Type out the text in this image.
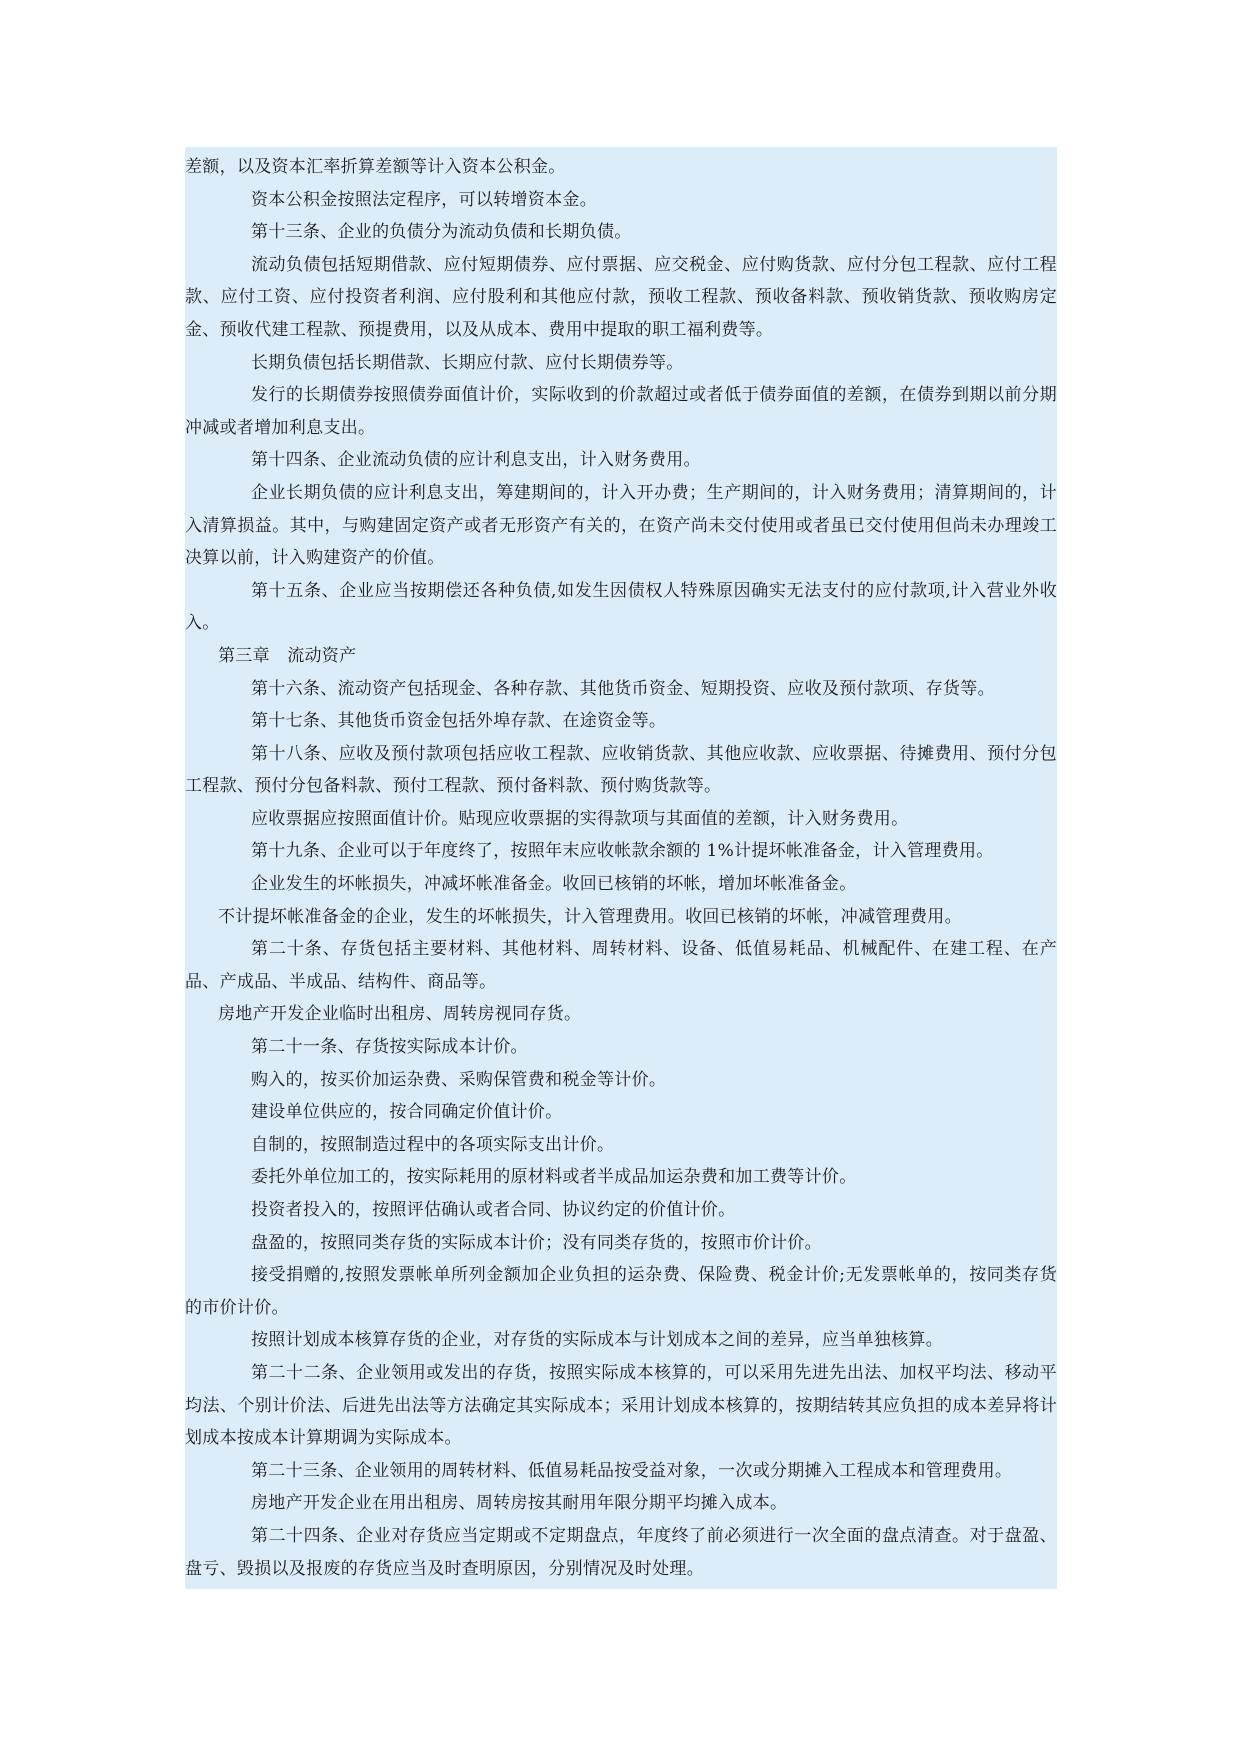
差额，以及资本汇率折算差额等计入资本公积金。

资本公积金按照法定程序，可以转增资本金。

第十三条、企业的负债分为流动负债和长期负债。

流动负债包括短期借款、应付短期债券、应付票据、应交税金、应付购货款、应付分包工程款、应付工程款、应付工资、应付投资者利润、应付股利和其他应付款，预收工程款、预收备料款、预收销货款、预收购房定金、预收代建工程款、预提费用，以及从成本、费用中提取的职工福利费等。

长期负债包括长期借款、长期应付款、应付长期债券等。

发行的长期债券按照债券面值计价，实际收到的价款超过或者低于债券面值的差额，在债券到期以前分期冲减或者增加利息支出。

第十四条、企业流动负债的应计利息支出，计入财务费用。

企业长期负债的应计利息支出，筹建期间的，计入开办费；生产期间的，计入财务费用；清算期间的，计入清算损益。其中，与购建固定资产或者无形资产有关的，在资产尚未交付使用或者虽已交付使用但尚未办理竣工决算以前，计入购建资产的价值。

第十五条、企业应当按期偿还各种负债,如发生因债权人特殊原因确实无法支付的应付款项,计入营业外收入。

第三章　流动资产

第十六条、流动资产包括现金、各种存款、其他货币资金、短期投资、应收及预付款项、存货等。

第十七条、其他货币资金包括外埠存款、在途资金等。

第十八条、应收及预付款项包括应收工程款、应收销货款、其他应收款、应收票据、待摊费用、预付分包工程款、预付分包备料款、预付工程款、预付备料款、预付购货款等。

应收票据应按照面值计价。贴现应收票据的实得款项与其面值的差额，计入财务费用。

第十九条、企业可以于年度终了，按照年末应收帐款余额的 1%计提坏帐准备金，计入管理费用。

企业发生的坏帐损失，冲减坏帐准备金。收回已核销的坏帐，增加坏帐准备金。

不计提坏帐准备金的企业，发生的坏帐损失，计入管理费用。收回已核销的坏帐，冲减管理费用。

第二十条、存货包括主要材料、其他材料、周转材料、设备、低值易耗品、机械配件、在建工程、在产品、产成品、半成品、结构件、商品等。

房地产开发企业临时出租房、周转房视同存货。

第二十一条、存货按实际成本计价。

购入的，按买价加运杂费、采购保管费和税金等计价。

建设单位供应的，按合同确定价值计价。

自制的，按照制造过程中的各项实际支出计价。

委托外单位加工的，按实际耗用的原材料或者半成品加运杂费和加工费等计价。

投资者投入的，按照评估确认或者合同、协议约定的价值计价。

盘盈的，按照同类存货的实际成本计价；没有同类存货的，按照市价计价。

接受捐赠的,按照发票帐单所列金额加企业负担的运杂费、保险费、税金计价;无发票帐单的，按同类存货的市价计价。

按照计划成本核算存货的企业，对存货的实际成本与计划成本之间的差异，应当单独核算。

第二十二条、企业领用或发出的存货，按照实际成本核算的，可以采用先进先出法、加权平均法、移动平均法、个别计价法、后进先出法等方法确定其实际成本；采用计划成本核算的，按期结转其应负担的成本差异将计划成本按成本计算期调为实际成本。

第二十三条、企业领用的周转材料、低值易耗品按受益对象，一次或分期摊入工程成本和管理费用。

房地产开发企业在用出租房、周转房按其耐用年限分期平均摊入成本。

第二十四条、企业对存货应当定期或不定期盘点，年度终了前必须进行一次全面的盘点清查。对于盘盈、盘亏、毁损以及报废的存货应当及时查明原因，分别情况及时处理。
